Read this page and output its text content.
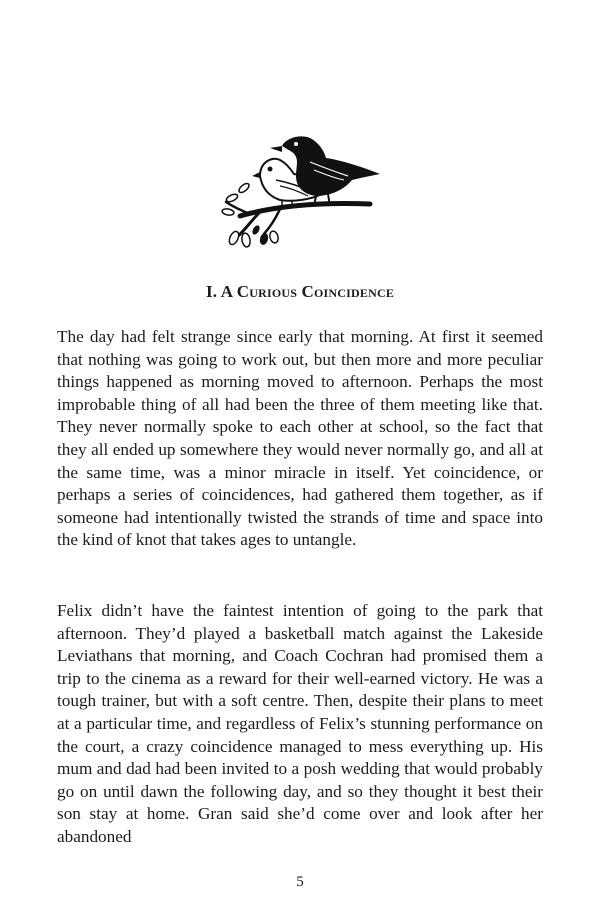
I. A Curious Coincidence

The day had felt strange since early that morning. At first it seemed that nothing was going to work out, but then more and more peculiar things happened as morning moved to afternoon. Perhaps the most improbable thing of all had been the three of them meeting like that. They never normally spoke to each other at school, so the fact that they all ended up somewhere they would never normally go, and all at the same time, was a minor miracle in itself. Yet coincidence, or perhaps a series of coincidences, had gathered them together, as if someone had intentionally twisted the strands of time and space into the kind of knot that takes ages to untangle.

Felix didn’t have the faintest intention of going to the park that afternoon. They’d played a basketball match against the Lakeside Leviathans that morning, and Coach Cochran had promised them a trip to the cinema as a reward for their well-earned victory. He was a tough trainer, but with a soft centre. Then, despite their plans to meet at a particular time, and regardless of Felix’s stunning performance on the court, a crazy coincidence managed to mess everything up. His mum and dad had been invited to a posh wedding that would probably go on until dawn the following day, and so they thought it best their son stay at home. Gran said she’d come over and look after her abandoned

5
